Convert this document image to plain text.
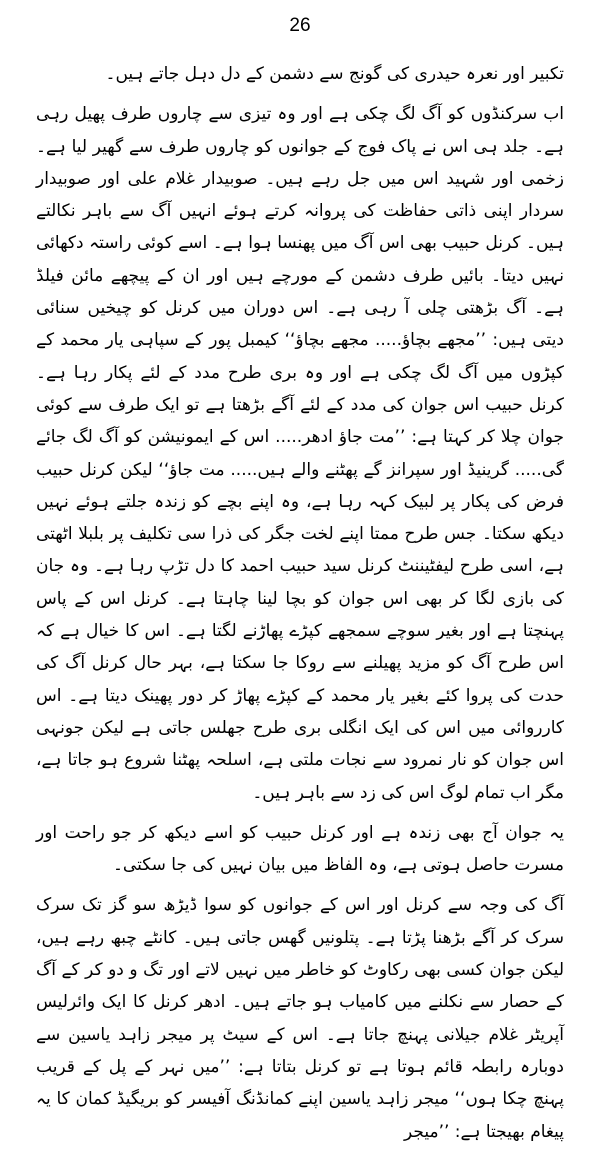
26

تکبیر اور نعرہ حیدری کی گونج سے دشمن کے دل دہل جاتے ہیں۔

اب سرکنڈوں کو آگ لگ چکی ہے اور وہ تیزی سے چاروں طرف پھیل رہی ہے۔ جلد ہی اس نے پاک فوج کے جوانوں کو چاروں طرف سے گھیر لیا ہے۔ زخمی اور شہید اس میں جل رہے ہیں۔ صوبیدار غلام علی اور صوبیدار سردار اپنی ذاتی حفاظت کی پروانہ کرتے ہوئے انہیں آگ سے باہر نکالتے ہیں۔ کرنل حبیب بھی اس آگ میں پھنسا ہوا ہے۔ اسے کوئی راستہ دکھائی نہیں دیتا۔ بائیں طرف دشمن کے مورچے ہیں اور ان کے پیچھے مائن فیلڈ ہے۔ آگ بڑھتی چلی آ رہی ہے۔ اس دوران میں کرنل کو چیخیں سنائی دیتی ہیں: ’’مجھے بچاؤ..... مجھے بچاؤ‘‘ کیمبل پور کے سپاہی یار محمد کے کپڑوں میں آگ لگ چکی ہے اور وہ بری طرح مدد کے لئے پکار رہا ہے۔ کرنل حبیب اس جوان کی مدد کے لئے آگے بڑھتا ہے تو ایک طرف سے کوئی جوان چلا کر کہتا ہے: ’’مت جاؤ ادھر..... اس کے ایمونیشن کو آگ لگ جائے گی..... گرینیڈ اور سپرانز گے پھٹنے والے ہیں..... مت جاؤ‘‘ لیکن کرنل حبیب فرض کی پکار پر لبیک کہہ رہا ہے، وہ اپنے بچے کو زندہ جلتے ہوئے نہیں دیکھ سکتا۔ جس طرح ممتا اپنے لخت جگر کی ذرا سی تکلیف پر بلبلا اٹھتی ہے، اسی طرح لیفٹیننٹ کرنل سید حبیب احمد کا دل تڑپ رہا ہے۔ وہ جان کی بازی لگا کر بھی اس جوان کو بچا لینا چاہتا ہے۔ کرنل اس کے پاس پہنچتا ہے اور بغیر سوچے سمجھے کپڑے پھاڑنے لگتا ہے۔ اس کا خیال ہے کہ اس طرح آگ کو مزید پھیلنے سے روکا جا سکتا ہے، بہر حال کرنل آگ کی حدت کی پروا کئے بغیر یار محمد کے کپڑے پھاڑ کر دور پھینک دیتا ہے۔ اس کارروائی میں اس کی ایک انگلی بری طرح جھلس جاتی ہے لیکن جونہی اس جوان کو نار نمرود سے نجات ملتی ہے، اسلحہ پھٹنا شروع ہو جاتا ہے، مگر اب تمام لوگ اس کی زد سے باہر ہیں۔

یہ جوان آج بھی زندہ ہے اور کرنل حبیب کو اسے دیکھ کر جو راحت اور مسرت حاصل ہوتی ہے، وہ الفاظ میں بیان نہیں کی جا سکتی۔

آگ کی وجہ سے کرنل اور اس کے جوانوں کو سوا ڈیڑھ سو گز تک سرک سرک کر آگے بڑھنا پڑتا ہے۔ پتلونیں گھس جاتی ہیں۔ کانٹے چبھ رہے ہیں، لیکن جوان کسی بھی رکاوٹ کو خاطر میں نہیں لاتے اور تگ و دو کر کے آگ کے حصار سے نکلنے میں کامیاب ہو جاتے ہیں۔ ادھر کرنل کا ایک وائرلیس آپریٹر غلام جیلانی پہنچ جاتا ہے۔ اس کے سیٹ پر میجر زاہد یاسین سے دوبارہ رابطہ قائم ہوتا ہے تو کرنل بتاتا ہے: ’’میں نہر کے پل کے قریب پہنچ چکا ہوں‘‘ میجر زاہد یاسین اپنے کمانڈنگ آفیسر کو بریگیڈ کمان کا یہ پیغام بھیجتا ہے: ’’میجر
